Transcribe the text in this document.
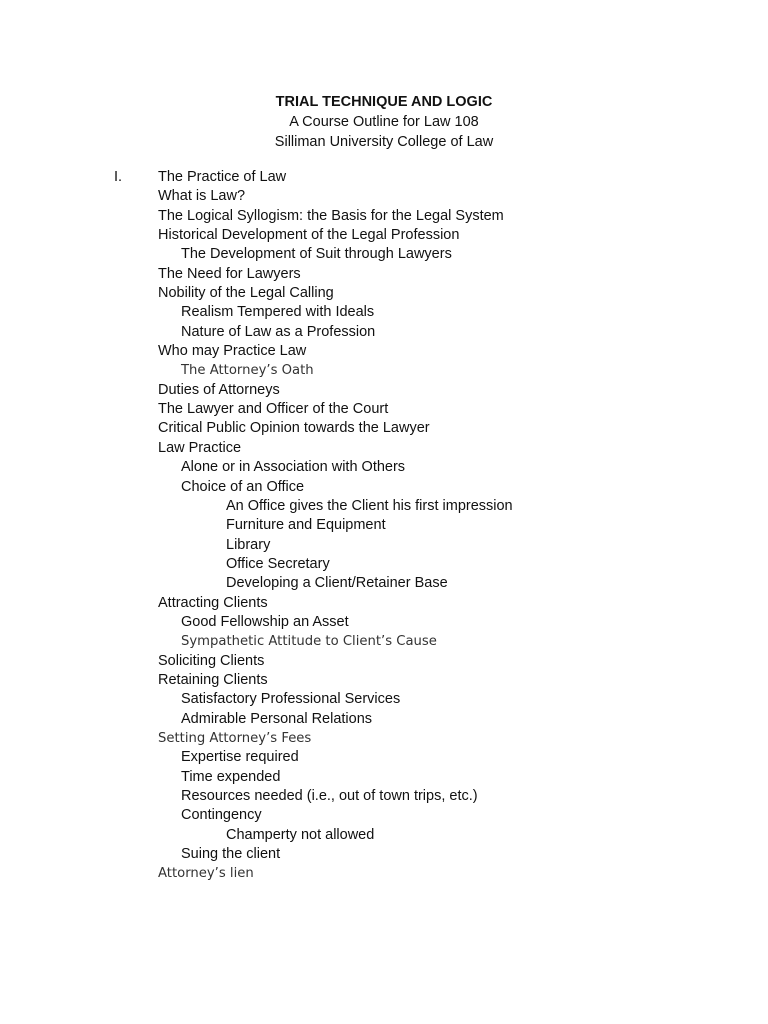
TRIAL TECHNIQUE AND LOGIC
A Course Outline for Law 108
Silliman University College of Law
I. The Practice of Law
What is Law?
The Logical Syllogism: the Basis for the Legal System
Historical Development of the Legal Profession
The Development of Suit through Lawyers
The Need for Lawyers
Nobility of the Legal Calling
Realism Tempered with Ideals
Nature of Law as a Profession
Who may Practice Law
The Attorney’s Oath
Duties of Attorneys
The Lawyer and Officer of the Court
Critical Public Opinion towards the Lawyer
Law Practice
Alone or in Association with Others
Choice of an Office
An Office gives the Client his first impression
Furniture and Equipment
Library
Office Secretary
Developing a Client/Retainer Base
Attracting Clients
Good Fellowship an Asset
Sympathetic Attitude to Client’s Cause
Soliciting Clients
Retaining Clients
Satisfactory Professional Services
Admirable Personal Relations
Setting Attorney’s Fees
Expertise required
Time expended
Resources needed (i.e., out of town trips, etc.)
Contingency
Champerty not allowed
Suing the client
Attorney’s lien
